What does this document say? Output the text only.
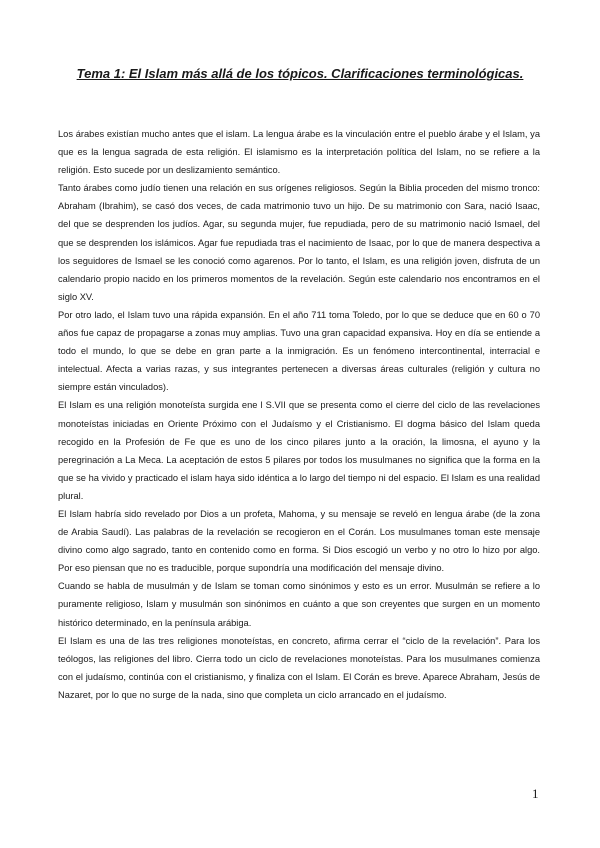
Tema 1: El Islam más allá de los tópicos. Clarificaciones terminológicas.

Los árabes existían mucho antes que el islam. La lengua árabe es la vinculación entre el pueblo árabe y el Islam, ya que es la lengua sagrada de esta religión. El islamismo es la interpretación política del Islam, no se refiere a la religión. Esto sucede por un deslizamiento semántico.

Tanto árabes como judío tienen una relación en sus orígenes religiosos. Según la Biblia proceden del mismo tronco: Abraham (Ibrahim), se casó dos veces, de cada matrimonio tuvo un hijo. De su matrimonio con Sara, nació Isaac, del que se desprenden los judíos. Agar, su segunda mujer, fue repudiada, pero de su matrimonio nació Ismael, del que se desprenden los islámicos. Agar fue repudiada tras el nacimiento de Isaac, por lo que de manera despectiva a los seguidores de Ismael se les conoció como agarenos. Por lo tanto, el Islam, es una religión joven, disfruta de un calendario propio nacido en los primeros momentos de la revelación. Según este calendario nos encontramos en el siglo XV.

Por otro lado, el Islam tuvo una rápida expansión. En el año 711 toma Toledo, por lo que se deduce que en 60 o 70 años fue capaz de propagarse a zonas muy amplias. Tuvo una gran capacidad expansiva. Hoy en día se entiende a todo el mundo, lo que se debe en gran parte a la inmigración. Es un fenómeno intercontinental, interracial e intelectual. Afecta a varias razas, y sus integrantes pertenecen a diversas áreas culturales (religión y cultura no siempre están vinculados).

El Islam es una religión monoteísta surgida ene l S.VII que se presenta como el cierre del ciclo de las revelaciones monoteístas iniciadas en Oriente Próximo con el Judaísmo y el Cristianismo. El dogma básico del Islam queda recogido en la Profesión de Fe que es uno de los cinco pilares junto a la oración, la limosna, el ayuno y la peregrinación a La Meca. La aceptación de estos 5 pilares por todos los musulmanes no significa que la forma en la que se ha vivido y practicado el islam haya sido idéntica a lo largo del tiempo ni del espacio. El Islam es una realidad plural.

El Islam habría sido revelado por Dios a un profeta, Mahoma, y su mensaje se reveló en lengua árabe (de la zona de Arabia Saudí). Las palabras de la revelación se recogieron en el Corán. Los musulmanes toman este mensaje divino como algo sagrado, tanto en contenido como en forma. Si Dios escogió un verbo y no otro lo hizo por algo. Por eso piensan que no es traducible, porque supondría una modificación del mensaje divino.

Cuando se habla de musulmán y de Islam se toman como sinónimos y esto es un error. Musulmán se refiere a lo puramente religioso, Islam y musulmán son sinónimos en cuánto a que son creyentes que surgen en un momento histórico determinado, en la península arábiga.

El Islam es una de las tres religiones monoteístas, en concreto, afirma cerrar el “ciclo de la revelación”. Para los teólogos, las religiones del libro. Cierra todo un ciclo de revelaciones monoteístas. Para los musulmanes comienza con el judaísmo, continúa con el cristianismo, y finaliza con el Islam. El Corán es breve. Aparece Abraham, Jesús de Nazaret, por lo que no surge de la nada, sino que completa un ciclo arrancado en el judaísmo.

1
